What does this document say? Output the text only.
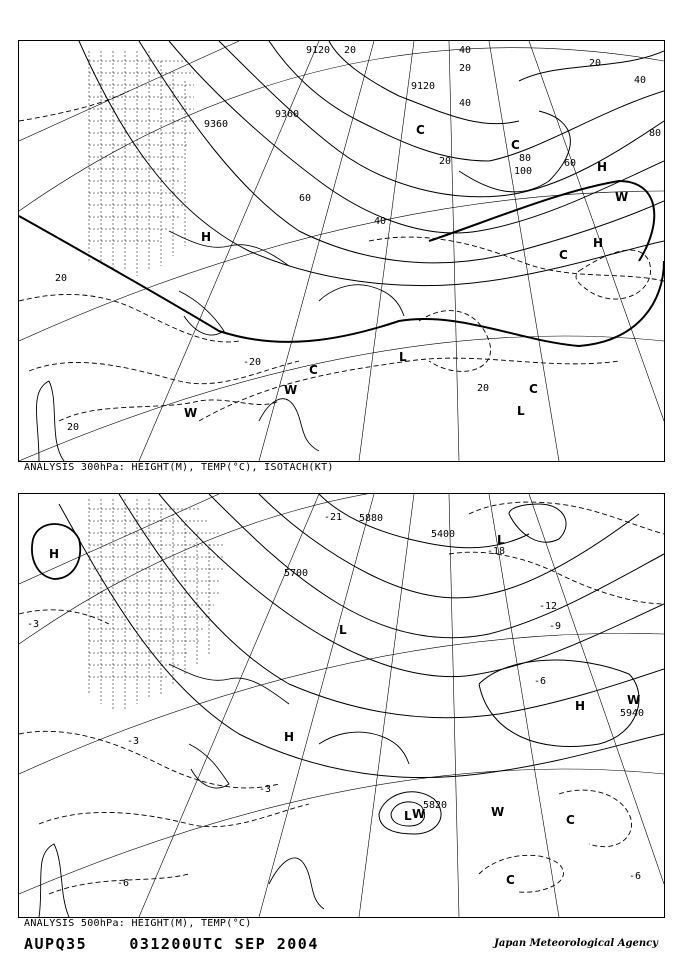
9120
9120
9360
9360
20
20
40
40
60
80
100
20
40
20
40
60
80
20
-20
20
20
H	H
H
L
L
C
C
C
C
C
W
W
W
ANALYSIS 300hPa: HEIGHT(M), TEMP(°C), ISOTACH(KT)
5700
5880
5400
5940
5820
-3
-18
-12
-9
-6
-3
-3
-6
-6
-21
H
H
H
L
L
L
C
C
W
W
W
ANALYSIS 500hPa: HEIGHT(M), TEMP(°C)
AUPQ35	031200UTC SEP 2004	Japan Meteorological Agency
